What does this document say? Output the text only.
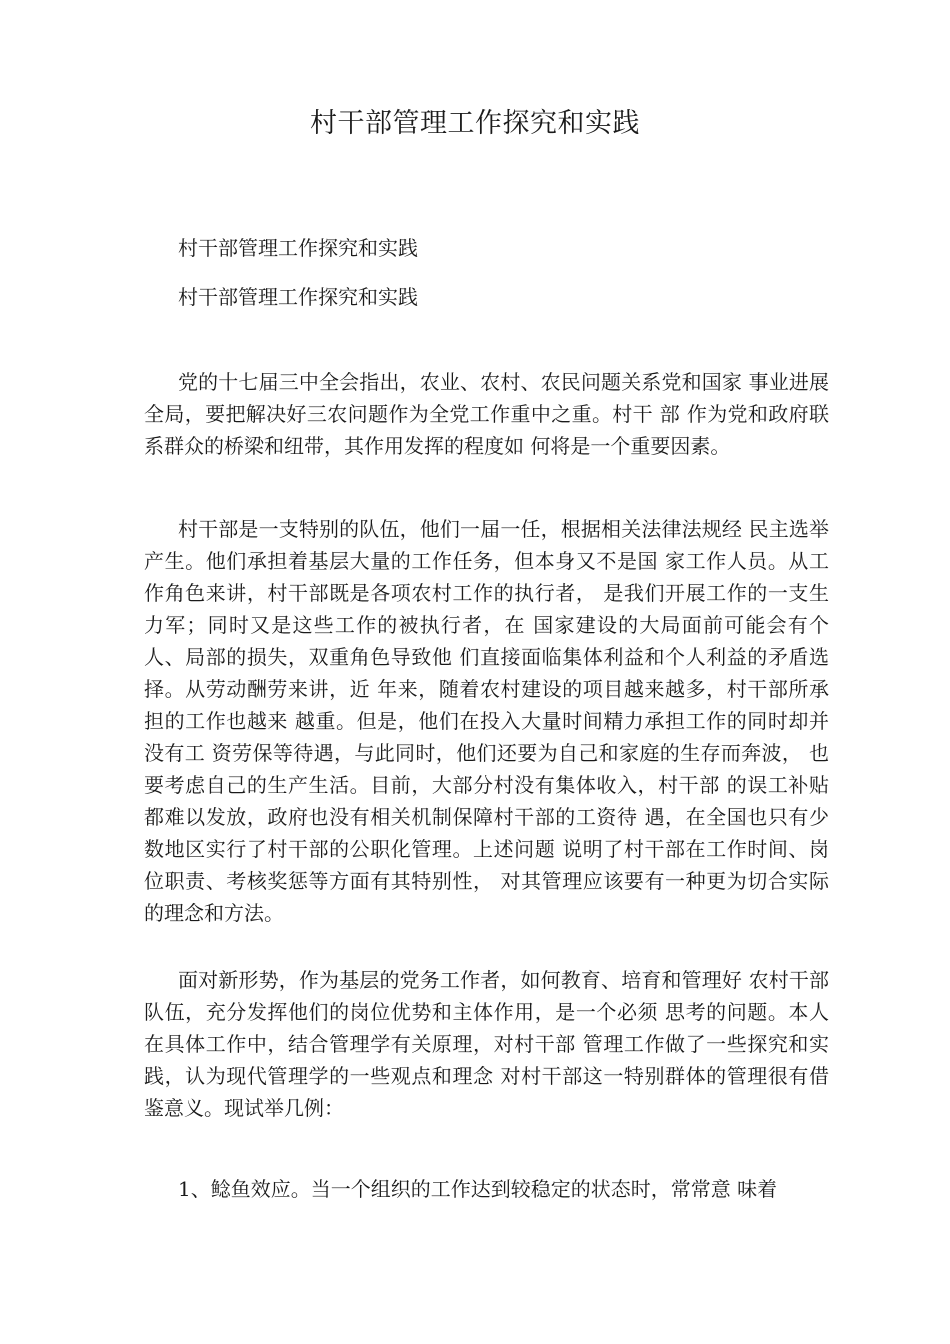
村干部管理工作探究和实践
村干部管理工作探究和实践
村干部管理工作探究和实践

党的十七届三中全会指出，农业、农村、农民问题关系党和国家 事业进展全局，要把解决好三农问题作为全党工作重中之重。村干 部 作为党和政府联系群众的桥梁和纽带，其作用发挥的程度如 何将是一个重要因素。

村干部是一支特别的队伍，他们一届一任，根据相关法律法规经 民主选举产生。他们承担着基层大量的工作任务，但本身又不是国 家工作人员。从工作角色来讲，村干部既是各项农村工作的执行者， 是我们开展工作的一支生力军；同时又是这些工作的被执行者，在 国家建设的大局面前可能会有个人、局部的损失，双重角色导致他 们直接面临集体利益和个人利益的矛盾选择。从劳动酬劳来讲，近 年来，随着农村建设的项目越来越多，村干部所承担的工作也越来 越重。但是，他们在投入大量时间精力承担工作的同时却并没有工 资劳保等待遇，与此同时，他们还要为自己和家庭的生存而奔波， 也要考虑自己的生产生活。目前，大部分村没有集体收入，村干部 的误工补贴都难以发放，政府也没有相关机制保障村干部的工资待 遇，在全国也只有少数地区实行了村干部的公职化管理。上述问题 说明了村干部在工作时间、岗位职责、考核奖惩等方面有其特别性， 对其管理应该要有一种更为切合实际的理念和方法。

面对新形势，作为基层的党务工作者，如何教育、培育和管理好 农村干部队伍，充分发挥他们的岗位优势和主体作用，是一个必须 思考的问题。本人在具体工作中，结合管理学有关原理，对村干部 管理工作做了一些探究和实践，认为现代管理学的一些观点和理念 对村干部这一特别群体的管理很有借鉴意义。现试举几例：

1、鲶鱼效应。当一个组织的工作达到较稳定的状态时，常常意 味着
